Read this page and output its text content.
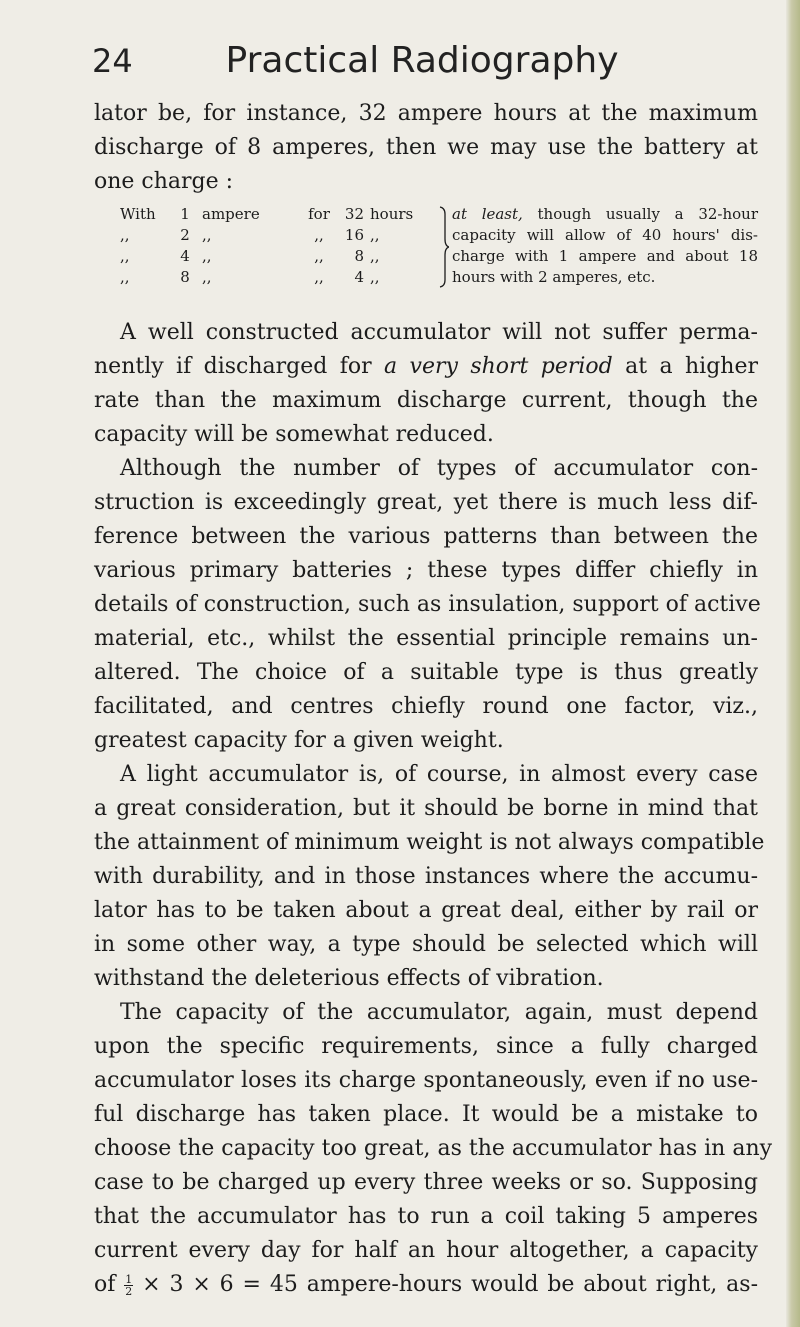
24	Practical Radiography
lator be, for instance, 32 ampere hours at the maximum
discharge of 8 amperes, then we may use the battery at
one charge :
With	1 ampere	for	32 hours
,,	2 ,,	,,	16 ,,
,,	4 ,,	,,	8 ,,
,,	8 ,,	,,	4 ,,
at least, though usually a 32-hour
capacity will allow of 40 hours' dis-
charge with 1 ampere and about 18
hours with 2 amperes, etc.
A well constructed accumulator will not suffer perma-
nently if discharged for a very short period at a higher
rate than the maximum discharge current, though the
capacity will be somewhat reduced.
Although the number of types of accumulator con-
struction is exceedingly great, yet there is much less dif-
ference between the various patterns than between the
various primary batteries ; these types differ chiefly in
details of construction, such as insulation, support of active
material, etc., whilst the essential principle remains un-
altered. The choice of a suitable type is thus greatly
facilitated, and centres chiefly round one factor, viz.,
greatest capacity for a given weight.
A light accumulator is, of course, in almost every case
a great consideration, but it should be borne in mind that
the attainment of minimum weight is not always compatible
with durability, and in those instances where the accumu-
lator has to be taken about a great deal, either by rail or
in some other way, a type should be selected which will
withstand the deleterious effects of vibration.
The capacity of the accumulator, again, must depend
upon the specific requirements, since a fully charged
accumulator loses its charge spontaneously, even if no use-
ful discharge has taken place. It would be a mistake to
choose the capacity too great, as the accumulator has in any
case to be charged up every three weeks or so. Supposing
that the accumulator has to run a coil taking 5 amperes
current every day for half an hour altogether, a capacity
of $\frac{1}{2} \times 3 \times 6 = 45$ ampere-hours would be about right, as-
